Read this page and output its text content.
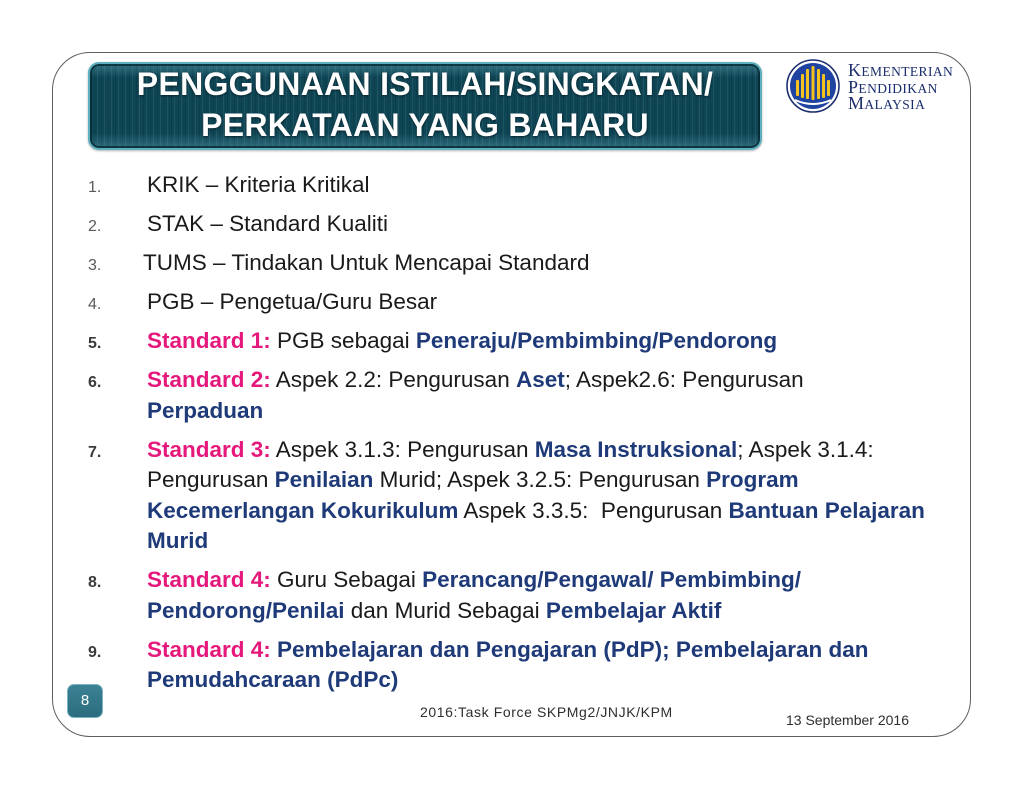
PENGGUNAAN ISTILAH/SINGKATAN/
PERKATAAN YANG BAHARU
KEMENTERIAN
PENDIDIKAN
MALAYSIA
1.	KRIK – Kriteria Kritikal
2.	STAK – Standard Kualiti
3.	TUMS – Tindakan Untuk Mencapai Standard
4.	PGB – Pengetua/Guru Besar
5.	Standard 1: PGB sebagai Peneraju/Pembimbing/Pendorong
6.	Standard 2: Aspek 2.2: Pengurusan Aset; Aspek2.6: Pengurusan
Perpaduan
7.	Standard 3: Aspek 3.1.3: Pengurusan Masa Instruksional; Aspek 3.1.4:
Pengurusan Penilaian Murid; Aspek 3.2.5: Pengurusan Program
Kecemerlangan Kokurikulum Aspek 3.3.5:  Pengurusan Bantuan Pelajaran
Murid
8.	Standard 4: Guru Sebagai Perancang/Pengawal/ Pembimbing/
Pendorong/Penilai dan Murid Sebagai Pembelajar Aktif
9.	Standard 4: Pembelajaran dan Pengajaran (PdP); Pembelajaran dan
Pemudahcaraan (PdPc)
8
2016:Task Force SKPMg2/JNJK/KPM	13 September 2016
